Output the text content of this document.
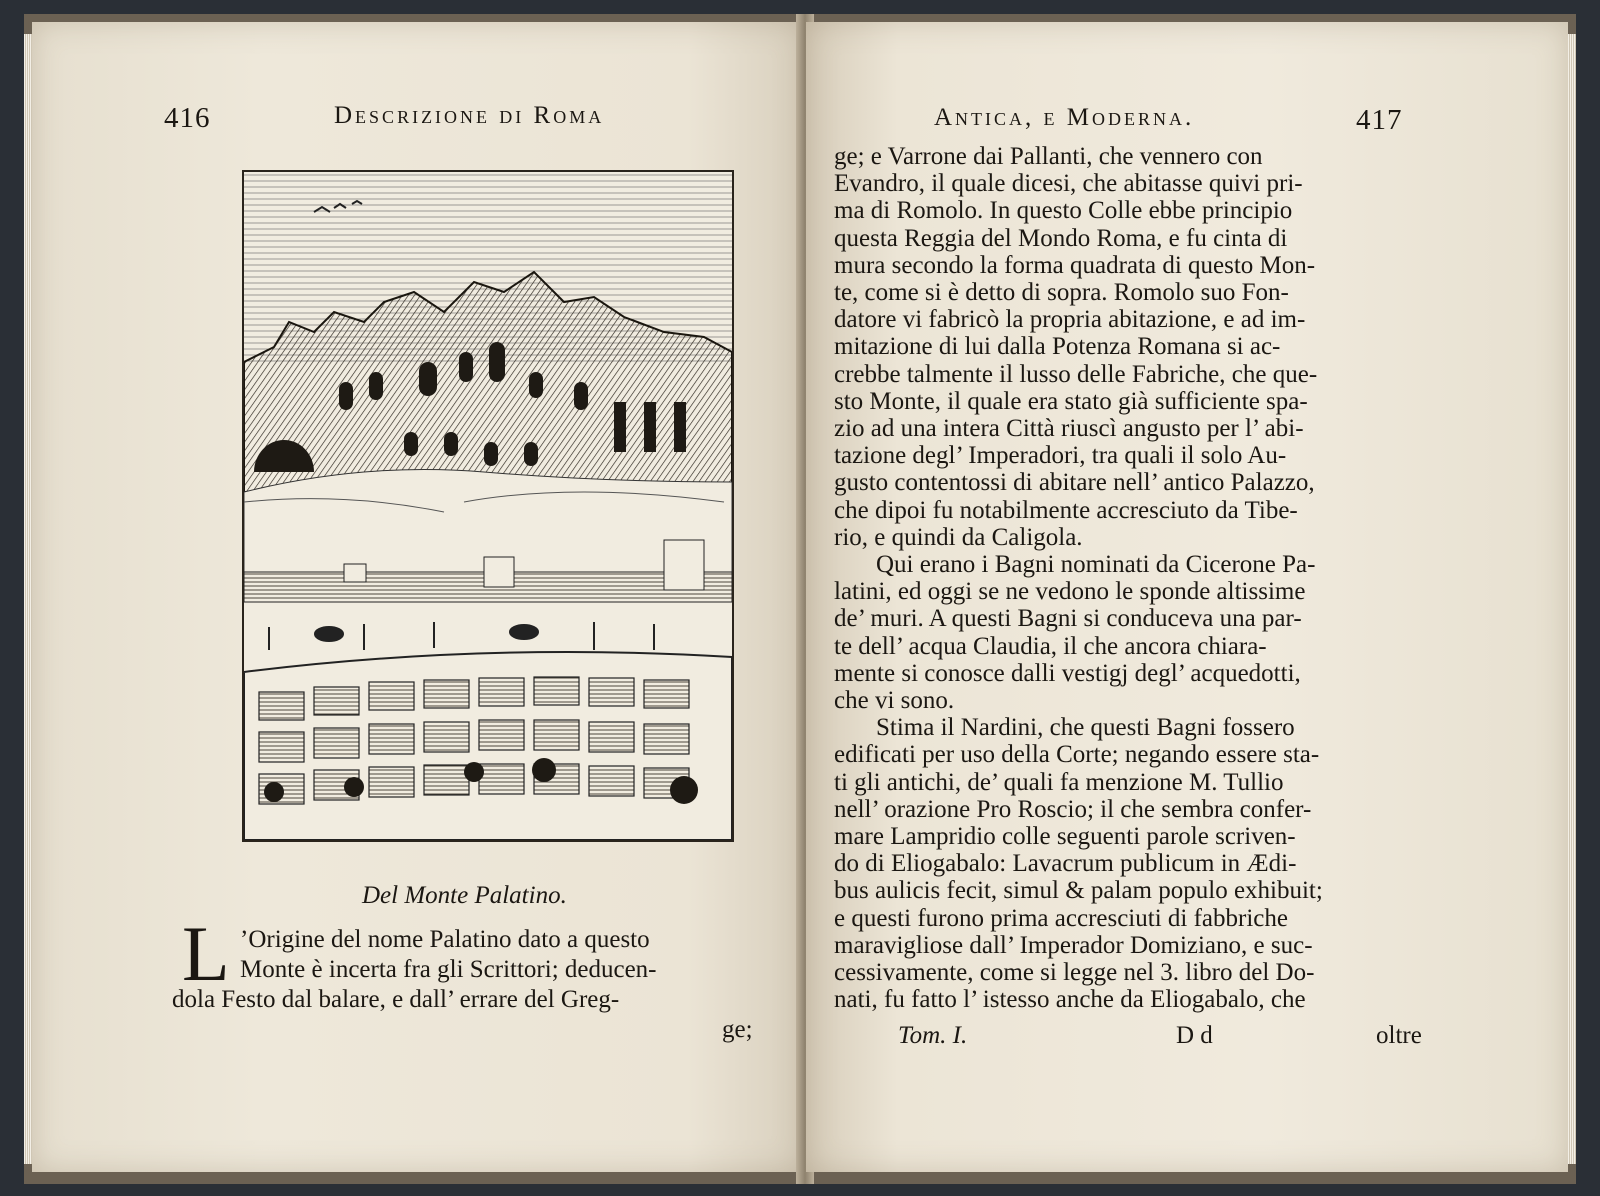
416	Descrizione di Roma
Del Monte Palatino.
L ’Origine del nome Palatino dato a questo
Monte è incerta fra gli Scrittori; deducen-
dola Festo dal balare, e dall’ errare del Greg-
ge;
Antica, e Moderna.	417
ge; e Varrone dai Pallanti, che vennero con
Evandro, il quale dicesi, che abitasse quivi pri-
ma di Romolo. In questo Colle ebbe principio
questa Reggia del Mondo Roma, e fu cinta di
mura secondo la forma quadrata di questo Mon-
te, come si è detto di sopra. Romolo suo Fon-
datore vi fabricò la propria abitazione, e ad im-
mitazione di lui dalla Potenza Romana si ac-
crebbe talmente il lusso delle Fabriche, che que-
sto Monte, il quale era stato già sufficiente spa-
zio ad una intera Città riuscì angusto per l’ abi-
tazione degl’ Imperadori, tra quali il solo Au-
gusto contentossi di abitare nell’ antico Palazzo,
che dipoi fu notabilmente accresciuto da Tibe-
rio, e quindi da Caligola.
Qui erano i Bagni nominati da Cicerone Pa-
latini, ed oggi se ne vedono le sponde altissime
de’ muri. A questi Bagni si conduceva una par-
te dell’ acqua Claudia, il che ancora chiara-
mente si conosce dalli vestigj degl’ acquedotti,
che vi sono.
Stima il Nardini, che questi Bagni fossero
edificati per uso della Corte; negando essere sta-
ti gli antichi, de’ quali fa menzione M. Tullio
nell’ orazione Pro Roscio; il che sembra confer-
mare Lampridio colle seguenti parole scriven-
do di Eliogabalo: Lavacrum publicum in Ædi-
bus aulicis fecit, simul & palam populo exhibuit;
e questi furono prima accresciuti di fabbriche
maravigliose dall’ Imperador Domiziano, e suc-
cessivamente, come si legge nel 3. libro del Do-
nati, fu fatto l’ istesso anche da Eliogabalo, che
Tom. I.	D d	oltre
